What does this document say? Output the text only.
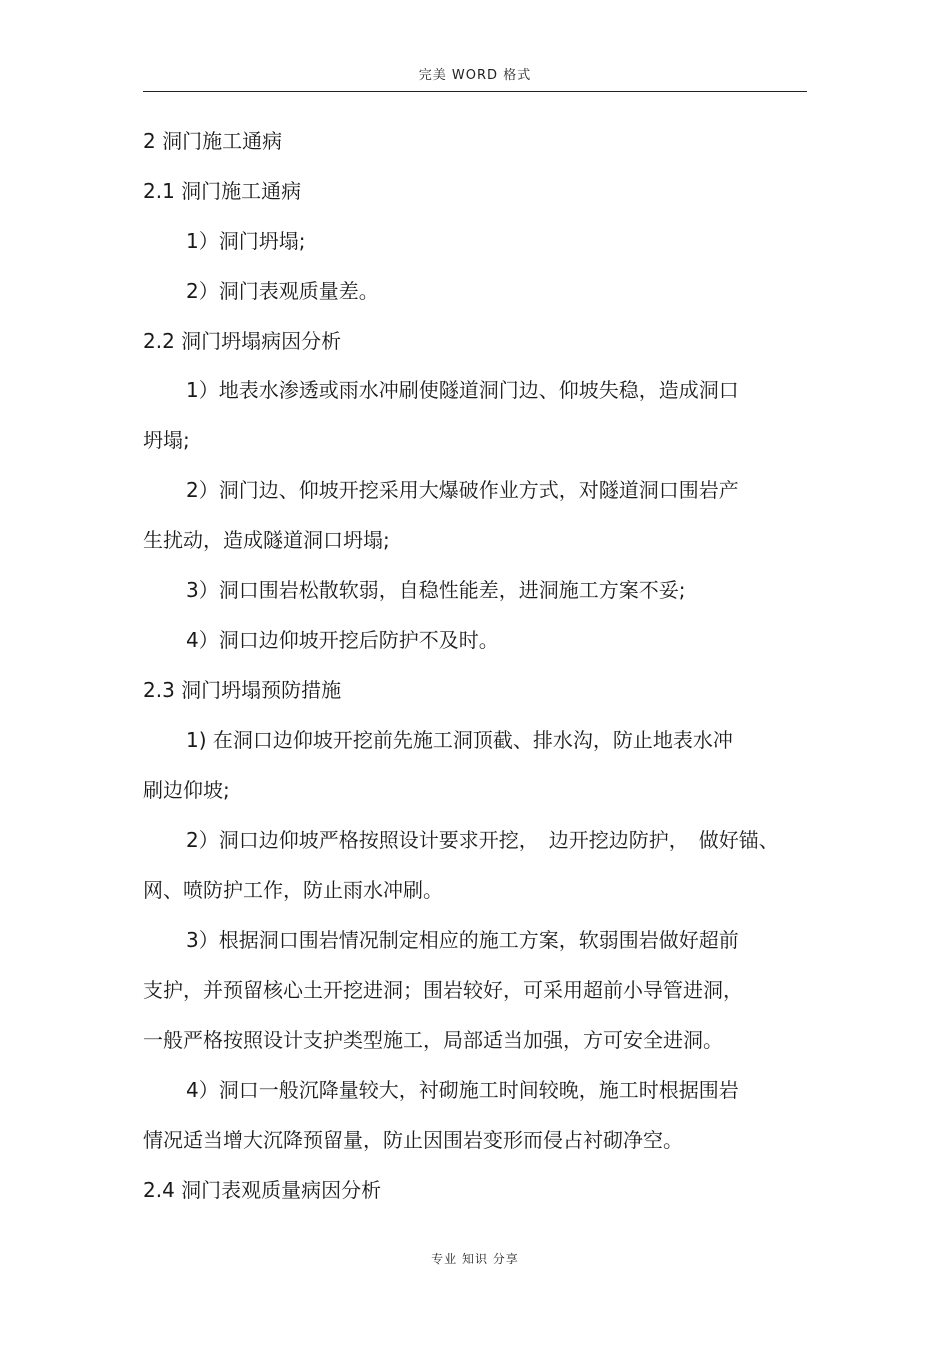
完美 WORD 格式
2 洞门施工通病
2.1 洞门施工通病
1）洞门坍塌;
2）洞门表观质量差。
2.2 洞门坍塌病因分析
1）地表水渗透或雨水冲刷使隧道洞门边、仰坡失稳，造成洞口
坍塌;
2）洞门边、仰坡开挖采用大爆破作业方式，对隧道洞口围岩产
生扰动，造成隧道洞口坍塌;
3）洞口围岩松散软弱，自稳性能差，进洞施工方案不妥;
4）洞口边仰坡开挖后防护不及时。
2.3 洞门坍塌预防措施
1) 在洞口边仰坡开挖前先施工洞顶截、排水沟，防止地表水冲
刷边仰坡;
2）洞口边仰坡严格按照设计要求开挖，　边开挖边防护，　做好锚、
网、喷防护工作，防止雨水冲刷。
3）根据洞口围岩情况制定相应的施工方案，软弱围岩做好超前
支护，并预留核心土开挖进洞；围岩较好，可采用超前小导管进洞，
一般严格按照设计支护类型施工，局部适当加强，方可安全进洞。
4）洞口一般沉降量较大，衬砌施工时间较晚，施工时根据围岩
情况适当增大沉降预留量，防止因围岩变形而侵占衬砌净空。
2.4 洞门表观质量病因分析
专业 知识 分享
